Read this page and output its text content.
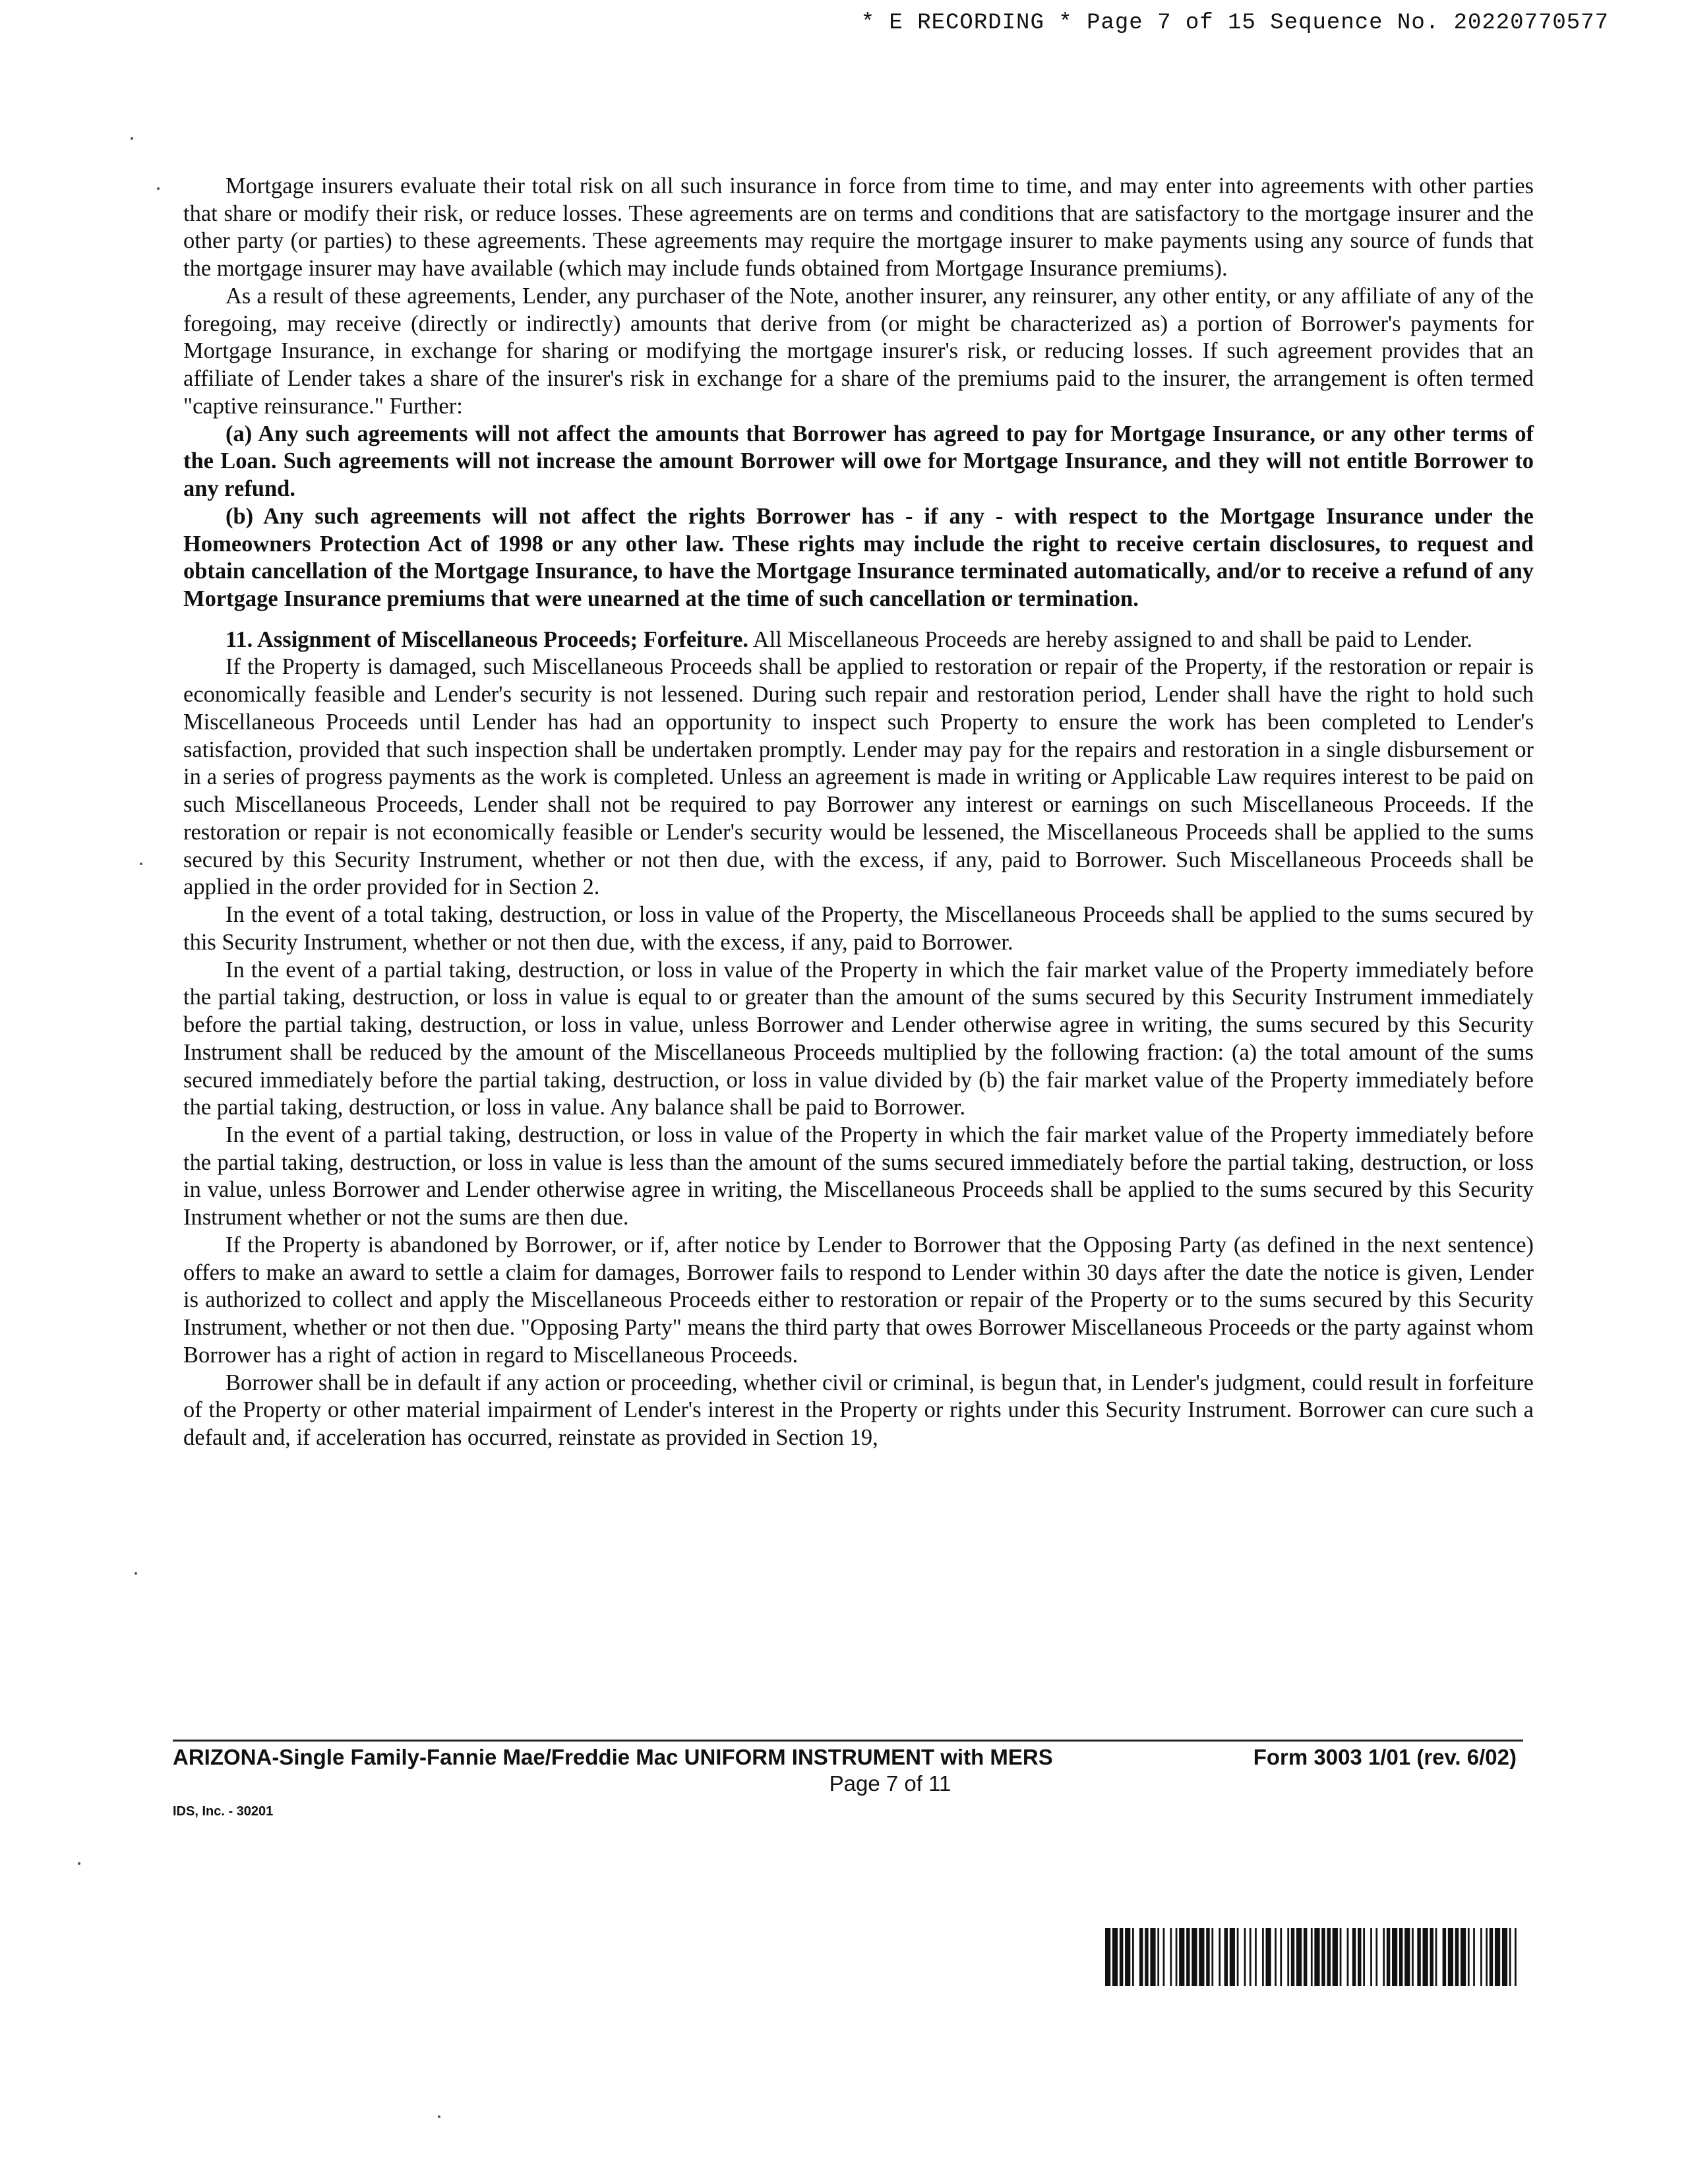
* E RECORDING * Page 7 of 15 Sequence No. 20220770577

Mortgage insurers evaluate their total risk on all such insurance in force from time to time, and may enter into agreements with other parties that share or modify their risk, or reduce losses. These agreements are on terms and conditions that are satisfactory to the mortgage insurer and the other party (or parties) to these agreements. These agreements may require the mortgage insurer to make payments using any source of funds that the mortgage insurer may have available (which may include funds obtained from Mortgage Insurance premiums).

As a result of these agreements, Lender, any purchaser of the Note, another insurer, any reinsurer, any other entity, or any affiliate of any of the foregoing, may receive (directly or indirectly) amounts that derive from (or might be characterized as) a portion of Borrower's payments for Mortgage Insurance, in exchange for sharing or modifying the mortgage insurer's risk, or reducing losses. If such agreement provides that an affiliate of Lender takes a share of the insurer's risk in exchange for a share of the premiums paid to the insurer, the arrangement is often termed "captive reinsurance." Further:

(a) Any such agreements will not affect the amounts that Borrower has agreed to pay for Mortgage Insurance, or any other terms of the Loan. Such agreements will not increase the amount Borrower will owe for Mortgage Insurance, and they will not entitle Borrower to any refund.

(b) Any such agreements will not affect the rights Borrower has - if any - with respect to the Mortgage Insurance under the Homeowners Protection Act of 1998 or any other law. These rights may include the right to receive certain disclosures, to request and obtain cancellation of the Mortgage Insurance, to have the Mortgage Insurance terminated automatically, and/or to receive a refund of any Mortgage Insurance premiums that were unearned at the time of such cancellation or termination.

11. Assignment of Miscellaneous Proceeds; Forfeiture. All Miscellaneous Proceeds are hereby assigned to and shall be paid to Lender.

If the Property is damaged, such Miscellaneous Proceeds shall be applied to restoration or repair of the Property, if the restoration or repair is economically feasible and Lender's security is not lessened. During such repair and restoration period, Lender shall have the right to hold such Miscellaneous Proceeds until Lender has had an opportunity to inspect such Property to ensure the work has been completed to Lender's satisfaction, provided that such inspection shall be undertaken promptly. Lender may pay for the repairs and restoration in a single disbursement or in a series of progress payments as the work is completed. Unless an agreement is made in writing or Applicable Law requires interest to be paid on such Miscellaneous Proceeds, Lender shall not be required to pay Borrower any interest or earnings on such Miscellaneous Proceeds. If the restoration or repair is not economically feasible or Lender's security would be lessened, the Miscellaneous Proceeds shall be applied to the sums secured by this Security Instrument, whether or not then due, with the excess, if any, paid to Borrower. Such Miscellaneous Proceeds shall be applied in the order provided for in Section 2.

In the event of a total taking, destruction, or loss in value of the Property, the Miscellaneous Proceeds shall be applied to the sums secured by this Security Instrument, whether or not then due, with the excess, if any, paid to Borrower.

In the event of a partial taking, destruction, or loss in value of the Property in which the fair market value of the Property immediately before the partial taking, destruction, or loss in value is equal to or greater than the amount of the sums secured by this Security Instrument immediately before the partial taking, destruction, or loss in value, unless Borrower and Lender otherwise agree in writing, the sums secured by this Security Instrument shall be reduced by the amount of the Miscellaneous Proceeds multiplied by the following fraction: (a) the total amount of the sums secured immediately before the partial taking, destruction, or loss in value divided by (b) the fair market value of the Property immediately before the partial taking, destruction, or loss in value. Any balance shall be paid to Borrower.

In the event of a partial taking, destruction, or loss in value of the Property in which the fair market value of the Property immediately before the partial taking, destruction, or loss in value is less than the amount of the sums secured immediately before the partial taking, destruction, or loss in value, unless Borrower and Lender otherwise agree in writing, the Miscellaneous Proceeds shall be applied to the sums secured by this Security Instrument whether or not the sums are then due.

If the Property is abandoned by Borrower, or if, after notice by Lender to Borrower that the Opposing Party (as defined in the next sentence) offers to make an award to settle a claim for damages, Borrower fails to respond to Lender within 30 days after the date the notice is given, Lender is authorized to collect and apply the Miscellaneous Proceeds either to restoration or repair of the Property or to the sums secured by this Security Instrument, whether or not then due. "Opposing Party" means the third party that owes Borrower Miscellaneous Proceeds or the party against whom Borrower has a right of action in regard to Miscellaneous Proceeds.

Borrower shall be in default if any action or proceeding, whether civil or criminal, is begun that, in Lender's judgment, could result in forfeiture of the Property or other material impairment of Lender's interest in the Property or rights under this Security Instrument. Borrower can cure such a default and, if acceleration has occurred, reinstate as provided in Section 19,

ARIZONA-Single Family-Fannie Mae/Freddie Mac UNIFORM INSTRUMENT with MERS	Form 3003 1/01 (rev. 6/02)
Page 7 of 11
IDS, Inc. - 30201
